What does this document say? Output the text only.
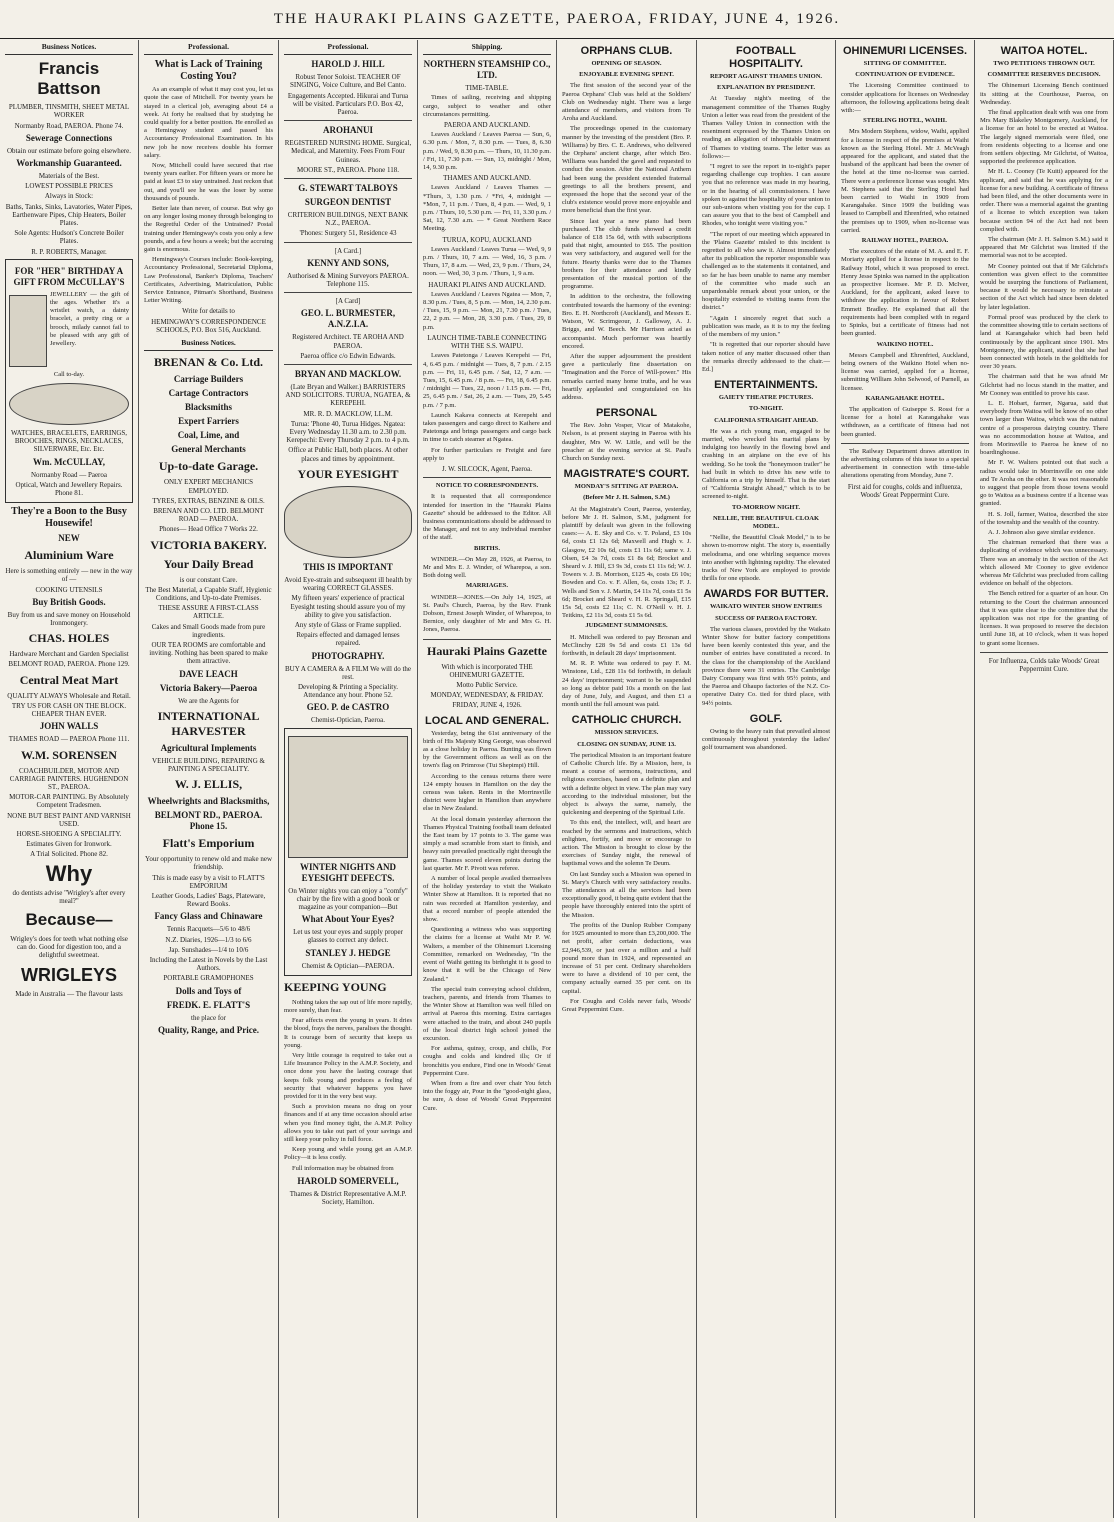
THE HAURAKI PLAINS GAZETTE, PAEROA, FRIDAY, JUNE 4, 1926.
Business Notices.
Francis Battson
PLUMBER, TINSMITH, SHEET METAL WORKER
Normanby Road, PAEROA. Phone 74.
Sewerage Connections
Obtain our estimate before going elsewhere.
Workmanship Guaranteed.
Materials of the Best.
LOWEST POSSIBLE PRICES
Always in Stock:
Baths, Tanks, Sinks, Lavatories, Water Pipes, Earthenware Pipes, Chip Heaters, Boiler Plates.
Sole Agents: Hudson's Concrete Boiler Plates.
R. P. ROBERTS, Manager.
FOR "HER" BIRTHDAY A GIFT FROM McCULLAY'S
JEWELLERY — the gift of the ages. Whether it's a wristlet watch, a dainty bracelet, a pretty ring or a brooch, milady cannot fail to be pleased with any gift of Jewellery.
Call to-day.
WATCHES, BRACELETS, EARRINGS, BROOCHES, RINGS, NECKLACES, SILVERWARE, Etc. Etc.
Wm. McCULLAY,
Normanby Road — Paeroa
Optical, Watch and Jewellery Repairs. Phone 81.
They're a Boon to the Busy Housewife!
NEW
Aluminium Ware
Here is something entirely — new in the way of —
COOKING UTENSILS
Buy British Goods.
Buy from us and save money on Household Ironmongery.
CHAS. HOLES
Hardware Merchant and Garden Specialist
BELMONT ROAD, PAEROA. Phone 129.
Central Meat Mart
QUALITY ALWAYS Wholesale and Retail.
TRY US FOR CASH ON THE BLOCK. CHEAPER THAN EVER.
JOHN WALLS
THAMES ROAD — PAEROA Phone 111.
W.M. SORENSEN
COACHBUILDER, MOTOR AND CARRIAGE PAINTERS. HUGHENDON ST., PAEROA.
MOTOR-CAR PAINTING. By Absolutely Competent Tradesmen.
NONE BUT BEST PAINT AND VARNISH USED.
HORSE-SHOEING A SPECIALITY.
Estimates Given for Ironwork.
A Trial Solicited. Phone 82.
Why
do dentists advise "Wrigley's after every meal?"
Because—
Wrigley's does for teeth what nothing else can do. Good for digestion too, and a delightful sweetmeat.
WRIGLEYS
Made in Australia — The flavour lasts
Professional.
What is Lack of Training Costing You?
As an example of what it may cost you, let us quote the case of Mitchell. For twenty years he stayed in a clerical job, averaging about £4 a week. At forty he realised that by studying he could qualify for a better position. He enrolled as a Hemingway student and passed his Accountancy Professional Examination. In his new job he now receives double his former salary.
Now, Mitchell could have secured that rise twenty years earlier. For fifteen years or more he paid at least £3 to stay untrained. Just reckon that out, and you'll see he was the loser by some thousands of pounds.
Better late than never, of course. But why go on any longer losing money through belonging to the Regretful Order of the Untrained? Postal training under Hemingway's costs you only a few pounds, and a few hours a week; but the accruing gain is enormous.
Hemingway's Courses include: Book-keeping, Accountancy Professional, Secretarial Diploma, Law Professional, Banker's Diploma, Teachers' Certificates, Advertising, Matriculation, Public Service Entrance, Pitman's Shorthand, Business Letter Writing.
Write for details to
HEMINGWAY'S CORRESPONDENCE SCHOOLS, P.O. Box 516, Auckland.
Business Notices.
BRENAN & Co. Ltd.
Carriage Builders
Cartage Contractors
Blacksmiths
Expert Farriers
Coal, Lime, and
General Merchants
Up-to-date Garage.
ONLY EXPERT MECHANICS EMPLOYED.
TYRES, EXTRAS, BENZINE & OILS.
BRENAN AND CO. LTD. BELMONT ROAD — PAEROA.
Phones— Head Office 7 Works 22.
VICTORIA BAKERY.
Your Daily Bread
is our constant Care.
The Best Material, a Capable Staff, Hygienic Conditions, and Up-to-date Premises.
THESE ASSURE A FIRST-CLASS ARTICLE.
Cakes and Small Goods made from pure ingredients.
OUR TEA ROOMS are comfortable and inviting. Nothing has been spared to make them attractive.
DAVE LEACH
Victoria Bakery—Paeroa
We are the Agents for
INTERNATIONAL HARVESTER
Agricultural Implements
VEHICLE BUILDING, REPAIRING & PAINTING A SPECIALITY.
W. J. ELLIS,
Wheelwrights and Blacksmiths,
BELMONT RD., PAEROA. Phone 15.
Flatt's Emporium
Your opportunity to renew old and make new friendship.
This is made easy by a visit to FLATT'S EMPORIUM
Leather Goods, Ladies' Bags, Plateware, Reward Books.
Fancy Glass and Chinaware
Tennis Racquets—5/6 to 48/6
N.Z. Diaries, 1926—1/3 to 6/6
Jap. Sunshades—1/4 to 10/6
Including the Latest in Novels by the Last Authors.
PORTABLE GRAMOPHONES
Dolls and Toys of
FREDK. E. FLATT'S
the place for
Quality, Range, and Price.
Professional.
HAROLD J. HILL
Robust Tenor Soloist. TEACHER OF SINGING, Voice Culture, and Bel Canto.
Engagements Accepted. Hikurai and Turua will be visited. Particulars P.O. Box 42, Paeroa.
AROHANUI
REGISTERED NURSING HOME. Surgical, Medical, and Maternity. Fees From Four Guineas.
MOORE ST., PAEROA. Phone 118.
G. STEWART TALBOYS
SURGEON DENTIST
CRITERION BUILDINGS, NEXT BANK N.Z., PAEROA.
'Phones: Surgery 51, Residence 43
[A Card.]
KENNY AND SONS,
Authorised & Mining Surveyors PAEROA. Telephone 115.
[A Card]
GEO. L. BURMESTER, A.N.Z.I.A.
Registered Architect. TE AROHA AND PAEROA.
Paeroa office c/o Edwin Edwards.
BRYAN AND MACKLOW.
(Late Bryan and Walker.) BARRISTERS AND SOLICITORS. TURUA, NGATEA, & KEREPEHI.
MR. R. D. MACKLOW, LL.M.
Turua: 'Phone 40, Turua Hidges. Ngatea: Every Wednesday 11.30 a.m. to 2.30 p.m. Kerepechi: Every Thursday 2 p.m. to 4 p.m.
Office at Public Hall, both places. At other places and times by appointment.
YOUR EYESIGHT
THIS IS IMPORTANT
Avoid Eye-strain and subsequent ill health by wearing CORRECT GLASSES.
My fifteen years' experience of practical Eyesight testing should assure you of my ability to give you satisfaction.
Any style of Glass or Frame supplied.
Repairs effected and damaged lenses repaired.
PHOTOGRAPHY.
BUY A CAMERA & A FILM We will do the rest.
Developing & Printing a Speciality. Attendance any hour. Phone 52.
GEO. P. de CASTRO
Chemist-Optician, Paeroa.
WINTER NIGHTS AND EYESIGHT DEFECTS.
On Winter nights you can enjoy a "comfy" chair by the fire with a good book or magazine as your companion—But
What About Your Eyes?
Let us test your eyes and supply proper glasses to correct any defect.
STANLEY J. HEDGE
Chemist & Optician—PAEROA.
KEEPING YOUNG
Nothing takes the sap out of life more rapidly, more surely, than fear.
Fear affects even the young in years. It dries the blood, frays the nerves, paralises the thought. It is courage born of security that keeps us young.
Very little courage is required to take out a Life Insurance Policy in the A.M.P. Society, and once done you have the lasting courage that keeps folk young and produces a feeling of security that whatever happens you have provided for it in the very best way.
Such a provision means no drag on your finances and if at any time occasion should arise when you find money tight, the A.M.P. Policy allows you to take out part of your savings and still keep your policy in full force.
Keep young and while young get an A.M.P. Policy—it is less costly.
Full information may be obtained from
HAROLD SOMERVELL,
Thames & District Representative A.M.P. Society, Hamilton.
Shipping.
NORTHERN STEAMSHIP CO., LTD.
TIME-TABLE.
Times of sailing, receiving and shipping cargo, subject to weather and other circumstances permitting.
PAEROA AND AUCKLAND.
Leaves Auckland / Leaves Paeroa — Sun, 6, 6.30 p.m. / Mon, 7, 8.30 p.m. — Tues, 8, 6.30 p.m. / Wed, 9, 8.30 p.m. — Thurs, 10, 11.30 p.m. / Fri, 11, 7.30 p.m. — Sun, 13, midnight / Mon, 14, 9.30 p.m.
THAMES AND AUCKLAND.
Leaves Auckland / Leaves Thames — *Thurs, 3, 1.30 p.m. / *Fri, 4, midnight — *Mon, 7, 11 p.m. / Tues, 8, 4 p.m. — Wed, 9, 1 p.m. / Thurs, 10, 5.30 p.m. — Fri, 11, 3.30 p.m. / Sat, 12, 7.30 a.m. — * Great Northern Race Meeting.
TURUA, KOPU, AUCKLAND
Leaves Auckland / Leaves Turua — Wed, 9, 9 p.m. / Thurs, 10, 7 a.m. — Wed, 16, 3 p.m. / Thurs, 17, 8 a.m. — Wed, 23, 9 p.m. / Thurs, 24, noon. — Wed, 30, 3 p.m. / Thurs, 1, 9 a.m.
HAURAKI PLAINS AND AUCKLAND.
Leaves Auckland / Leaves Ngatea — Mon, 7, 8.30 p.m. / Tues, 8, 5 p.m. — Mon, 14, 2.30 p.m. / Tues, 15, 9 p.m. — Mon, 21, 7.30 p.m. / Tues, 22, 2 p.m. — Mon, 28, 3.30 p.m. / Tues, 29, 8 p.m.
LAUNCH TIME-TABLE CONNECTING WITH THE S.S. WAIPU.
Leaves Patetonga / Leaves Kerepehi — Fri, 4, 6.45 p.m. / midnight — Tues, 8, 7 p.m. / 2.15 p.m. — Fri, 11, 6.45 p.m. / Sat, 12, 7 a.m. — Tues, 15, 6.45 p.m. / 8 p.m. — Fri, 18, 6.45 p.m. / midnight — Tues, 22, noon / 1.15 p.m. — Fri, 25, 6.45 p.m. / Sat, 26, 2 a.m. — Tues, 29, 5.45 p.m. / 7 p.m.
Launch Kakava connects at Kerepehi and takes passengers and cargo direct to Kaihere and Patetonga and brings passengers and cargo back in time to catch steamer at Ngatea.
For further particulars re Freight and fare apply to
J. W. SILCOCK, Agent, Paeroa.
NOTICE TO CORRESPONDENTS.
It is requested that all correspondence intended for insertion in the "Hauraki Plains Gazette" should be addressed to the Editor. All business communications should be addressed to the Manager, and not to any individual member of the staff.
BIRTHS.
WINDER.—On May 28, 1926, at Paeroa, to Mr and Mrs E. J. Winder, of Wharepoa, a son. Both doing well.
MARRIAGES.
WINDER—JONES.—On July 14, 1925, at St. Paul's Church, Paeroa, by the Rev. Frank Dobson, Ernest Joseph Winder, of Wharepoa, to Bernice, only daughter of Mr and Mrs G. H. Jones, Paeroa.
Hauraki Plains Gazette
With which is incorporated THE OHINEMURI GAZETTE.
Motto Public Service.
MONDAY, WEDNESDAY, & FRIDAY.
FRIDAY, JUNE 4, 1926.
LOCAL AND GENERAL.
Yesterday, being the 61st anniversary of the birth of His Majesty King George, was observed as a close holiday in Paeroa. Bunting was flown by the Government offices as well as on the town's flag on Primrose (Tui Shepimpi) Hill.
According to the census returns there were 124 empty houses in Hamilton on the day the census was taken. Rents in the Morrinsville district were higher in Hamilton than anywhere else in New Zealand.
At the local domain yesterday afternoon the Thames Physical Training football team defeated the East team by 17 points to 3. The game was simply a mad scramble from start to finish, and heavy rain prevailed practically right through the game. Thames scored eleven points during the last quarter. Mr F. Pivott was referee.
A number of local people availed themselves of the holiday yesterday to visit the Waikato Winter Show at Hamilton. It is reported that no rain was recorded at Hamilton yesterday, and that a record number of people attended the show.
Questioning a witness who was supporting the claims for a license at Waihi Mr P. W. Walters, a member of the Ohinemuri Licensing Committee, remarked on Wednesday, "In the event of Waihi getting its birthright it is good to know that it will be the Chicago of New Zealand."
The special train conveying school children, teachers, parents, and friends from Thames to the Winter Show at Hamilton was well filled on arrival at Paeroa this morning. Extra carriages were attached to the train, and about 240 pupils of the local district high school joined the excursion.
For asthma, quinsy, croup, and chills, For coughs and colds and kindred ills; Or if bronchitis you endure, Find one in Woods' Great Peppermint Cure.
When from a fire and over chair You fetch into the foggy air, Pour in the "good-night glass, be sure, A dose of Woods' Great Peppermint Cure.
ORPHANS CLUB.
OPENING OF SEASON.
ENJOYABLE EVENING SPENT.
The first session of the second year of the Paeroa Orphans' Club was held at the Soldiers' Club on Wednesday night. There was a large attendance of members, and visitors from Te Aroha and Auckland.
The proceedings opened in the customary manner by the investing of the president (Bro. P. Williams) by Bro. C. E. Andrews, who delivered the Orphans' ancient charge, after which Bro. Williams was handed the gavel and requested to conduct the session. After the National Anthem had been sung the president extended fraternal greetings to all the brothers present, and expressed the hope that the second year of the club's existence would prove more enjoyable and more beneficial than the first year.
Since last year a new piano had been purchased. The club funds showed a credit balance of £18 15s 6d, with with subscriptions paid that night, amounted to £65. The position was very satisfactory, and augured well for the future. Hearty thanks were due to the Thames brothers for their attendance and kindly presentation of the musical portion of the programme.
In addition to the orchestra, the following contributed towards the harmony of the evening: Bro. E. H. Northcroft (Auckland), and Messrs E. Watson, W. Scrimgeour, J. Galloway, A. J. Briggs, and W. Beech. Mr Harrison acted as accompanist. Much performer was heartily encored.
After the supper adjournment the president gave a particularly fine dissertation on "Imagination and the Force of Will-power." His remarks carried many home truths, and he was heartily applauded and congratulated on his address.
PERSONAL
The Rev. John Vosper, Vicar of Matakohe, Nelson, is at present staying in Paeroa with his daughter, Mrs W. W. Little, and will be the preacher at the evening service at St. Paul's Church on Sunday next.
MAGISTRATE'S COURT.
MONDAY'S SITTING AT PAEROA.
(Before Mr J. H. Salmon, S.M.)
At the Magistrate's Court, Paeroa, yesterday, before Mr J. H. Salmon, S.M., judgment for plaintiff by default was given in the following cases:— A. E. Sky and Co. v. T. Poland, £3 10s 6d, costs £1 12s 6d; Maxwell and Hugh v. J. Glasgow, £2 10s 6d, costs £1 11s 6d; same v. J. Olsen, £4 3s 7d, costs £1 8s 6d; Brocket and Sheard v. J. Hill, £3 9s 3d, costs £1 11s 6d; W. J. Towers v. J. B. Morrison, £125 4s, costs £6 10s; Bowden and Co. v. F. Allen, 6s, costs 13s; F. J. Wells and Son v. J. Martin, £4 11s 7d, costs £1 5s 6d; Brocket and Sheard v. H. R. Springall, £15 15s 5d, costs £2 11s; C. N. O'Neill v. H. J. Teitkins, £2 11s 3d, costs £1 5s 6d.
JUDGMENT SUMMONSES.
H. Mitchell was ordered to pay Brosnan and McClinchy £28 9s 5d and costs £1 13s 6d forthwith, in default 28 days' imprisonment.
M. R. P. White was ordered to pay F. M. Winstone, Ltd., £28 11s 6d forthwith, in default 24 days' imprisonment; warrant to be suspended so long as debtor paid 10s a month on the last day of June, July, and August, and then £1 a month until the full amount was paid.
CATHOLIC CHURCH.
MISSION SERVICES.
CLOSING ON SUNDAY, JUNE 13.
The periodical Mission is an important feature of Catholic Church life. By a Mission, here, is meant a course of sermons, instructions, and religious exercises, based on a definite plan and with a definite object in view. The plan may vary according to the individual missioner, but the object is always the same, namely, the quickening and deepening of the Spiritual Life.
To this end, the intellect, will, and heart are reached by the sermons and instructions, which enlighten, fortify, and move or encourage to action. The Mission is brought to close by the exercises of Sunday night, the renewal of baptismal vows and the solemn Te Deum.
On last Sunday such a Mission was opened in St. Mary's Church with very satisfactory results. The attendances at all the services had been exceptionally good, it being quite evident that the people have thoroughly entered into the spirit of the Mission.
The profits of the Dunlop Rubber Company for 1925 amounted to more than £3,200,000. The net profit, after certain deductions, was £2,946,539, or just over a million and a half pound more than in 1924, and represented an increase of 51 per cent. Ordinary shareholders were to have a dividend of 10 per cent, the company actually earned 35 per cent. on its capital.
For Coughs and Colds never fails, Woods' Great Peppermint Cure.
FOOTBALL HOSPITALITY.
REPORT AGAINST THAMES UNION.
EXPLANATION BY PRESIDENT.
At Tuesday night's meeting of the management committee of the Thames Rugby Union a letter was read from the president of the Thames Valley Union in connection with the resentment expressed by the Thames Union on reading an allegation of inhospitable treatment of Thames to visiting teams. The letter was as follows:—
"I regret to see the report in to-night's paper regarding challenge cup trophies. I can assure you that no reference was made in my hearing, or in the hearing of all commissioners. I have spoken to against the hospitality of your union to our sub-unions when visiting you for the cup. I can assure you that to the best of Campbell and Rhodes, who tonight were visiting you."
"The report of our meeting which appeared in the 'Plains Gazette' misled to this incident is regretted to all who saw it. Almost immediately after its publication the reporter responsible was challenged as to the statements it contained, and so far he has been unable to name any member of the committee who made such an unpardonable remark about your union, or the hospitality extended to visiting teams from the district."
"Again I sincerely regret that such a publication was made, as it is to my the feeling of the members of my union."
"It is regretted that our reporter should have taken notice of any matter discussed other than the remarks directly addressed to the chair.—Ed.]
ENTERTAINMENTS.
GAIETY THEATRE PICTURES.
TO-NIGHT.
CALIFORNIA STRAIGHT AHEAD.
He was a rich young man, engaged to be married, who wrecked his marital plans by indulging too heavily in the flowing bowl and crashing in an airplane on the eve of his wedding. So he took the "honeymoon trailer" he had built in which to drive his new wife to California on a trip by himself. That is the start of "California Straight Ahead," which is to be screened to-night.
TO-MORROW NIGHT.
NELLIE, THE BEAUTIFUL CLOAK MODEL.
"Nellie, the Beautiful Cloak Model," is to be shown to-morrow night. The story is, essentially melodrama, and one whirling sequence moves into another with lightning rapidity. The elevated tracks of New York are employed to provide thrills for one episode.
AWARDS FOR BUTTER.
WAIKATO WINTER SHOW ENTRIES
SUCCESS OF PAEROA FACTORY.
The various classes, provided by the Waikato Winter Show for butter factory competitions have been keenly contested this year, and the number of entries have constituted a record. In the class for the championship of the Auckland province there were 31 entries. The Cambridge Dairy Company was first with 95½ points, and the Paeroa and Ohaupo factories of the N.Z. Co-operative Dairy Co. tied for third place, with 94½ points.
GOLF.
Owing to the heavy rain that prevailed almost continuously throughout yesterday the ladies' golf tournament was abandoned.
OHINEMURI LICENSES.
SITTING OF COMMITTEE.
CONTINUATION OF EVIDENCE.
The Licensing Committee continued to consider applications for licenses on Wednesday afternoon, the following applications being dealt with:—
STERLING HOTEL, WAIHI.
Mrs Modern Stephens, widow, Waihi, applied for a license in respect of the premises at Waihi known as the Sterling Hotel. Mr J. McVeagh appeared for the applicant, and stated that the husband of the applicant had been the owner of the hotel at the time no-license was carried. There were a preference license was sought. Mrs M. Stephens said that the Sterling Hotel had been carried to Waihi in 1909 from Karangahake. Since 1909 the building was leased to Campbell and Ehrenfried, who retained the premises up to 1909, when no-license was carried.
RAILWAY HOTEL, PAEROA.
The executors of the estate of M. A. and E. F. Moriarty applied for a license in respect to the Railway Hotel, which it was proposed to erect. Henry Jesse Spinks was named in the application as prospective licensee. Mr P. D. McIver, Auckland, for the applicant, asked leave to withdraw the application in favour of Robert Emmett Bradley. He explained that all the requirements had been complied with in regard to Spinks, but a certificate of fitness had not been granted.
WAIKINO HOTEL.
Messrs Campbell and Ehrenfried, Auckland, being owners of the Waikino Hotel when no-license was carried, applied for a license, submitting William John Selwood, of Parnell, as licensee.
KARANGAHAKE HOTEL.
The application of Guiseppe S. Rossi for a license for a hotel at Karangahake was withdrawn, as a certificate of fitness had not been granted.
The Railway Department draws attention in the advertising columns of this issue to a special advertisement in connection with time-table alterations operating from Monday, June 7.
First aid for coughs, colds and influenza, Woods' Great Peppermint Cure.
WAITOA HOTEL.
TWO PETITIONS THROWN OUT.
COMMITTEE RESERVES DECISION.
The Ohinemuri Licensing Bench continued its sitting at the Courthouse, Paeroa, on Wednesday.
The final application dealt with was one from Mrs Mary Blakeley Montgomery, Auckland, for a license for an hotel to be erected at Waitoa. The largely signed memorials were filed, one from residents objecting to a license and one from settlers objecting. Mr Gilchrist, of Waitoa, supported the preference application.
Mr H. L. Cooney (Te Kuiti) appeared for the applicant, and said that he was applying for a license for a new building. A certificate of fitness had been filed, and the other documents were in order. There was a memorial against the granting of a license to which exception was taken because section 94 of the Act had not been complied with.
The chairman (Mr J. H. Salmon S.M.) said it appeared that Mr Gilchrist was limited if the memorial was not to be accepted.
Mr Cooney pointed out that if Mr Gilchrist's contention was given effect to the committee would be usurping the functions of Parliament, because it would be necessary to reinstate a section of the Act which had since been deleted by later legislation.
Formal proof was produced by the clerk to the committee showing title to certain sections of land at Karangahake which had been held continuously by the applicant since 1901. Mrs Montgomery, the applicant, stated that she had been connected with hotels in the goldfields for over 30 years.
The chairman said that he was afraid Mr Gilchrist had no locus standi in the matter, and Mr Cooney was entitled to prove his case.
L. E. Hobart, farmer, Ngarua, said that everybody from Waitoa will be know of no other town larger than Waitoa, which was the natural centre of a prosperous dairying country. There was no accommodation house at Waitoa, and from Morinsville to Paeroa he knew of no boardinghouse.
Mr F. W. Walters pointed out that such a radius would take in Morrinsville on one side and Te Aroha on the other. It was not reasonable to suggest that people from those towns would go to Waitoa as a business centre if a license was granted.
H. S. Joll, farmer, Waitoa, described the size of the township and the wealth of the country.
A. J. Johnson also gave similar evidence.
The chairman remarked that there was a duplicating of evidence which was unnecessary. There was an anomaly in the section of the Act which allowed Mr Cooney to give evidence whereas Mr Gilchrist was precluded from calling evidence on behalf of the objectors.
The Bench retired for a quarter of an hour. On returning to the Court the chairman announced that it was quite clear to the committee that the application was not ripe for the granting of licenses. It was proposed to reserve the decision until June 18, at 10 o'clock, when it was hoped to grant some licenses.
For Influenza, Colds take Woods' Great Peppermint Cure.
